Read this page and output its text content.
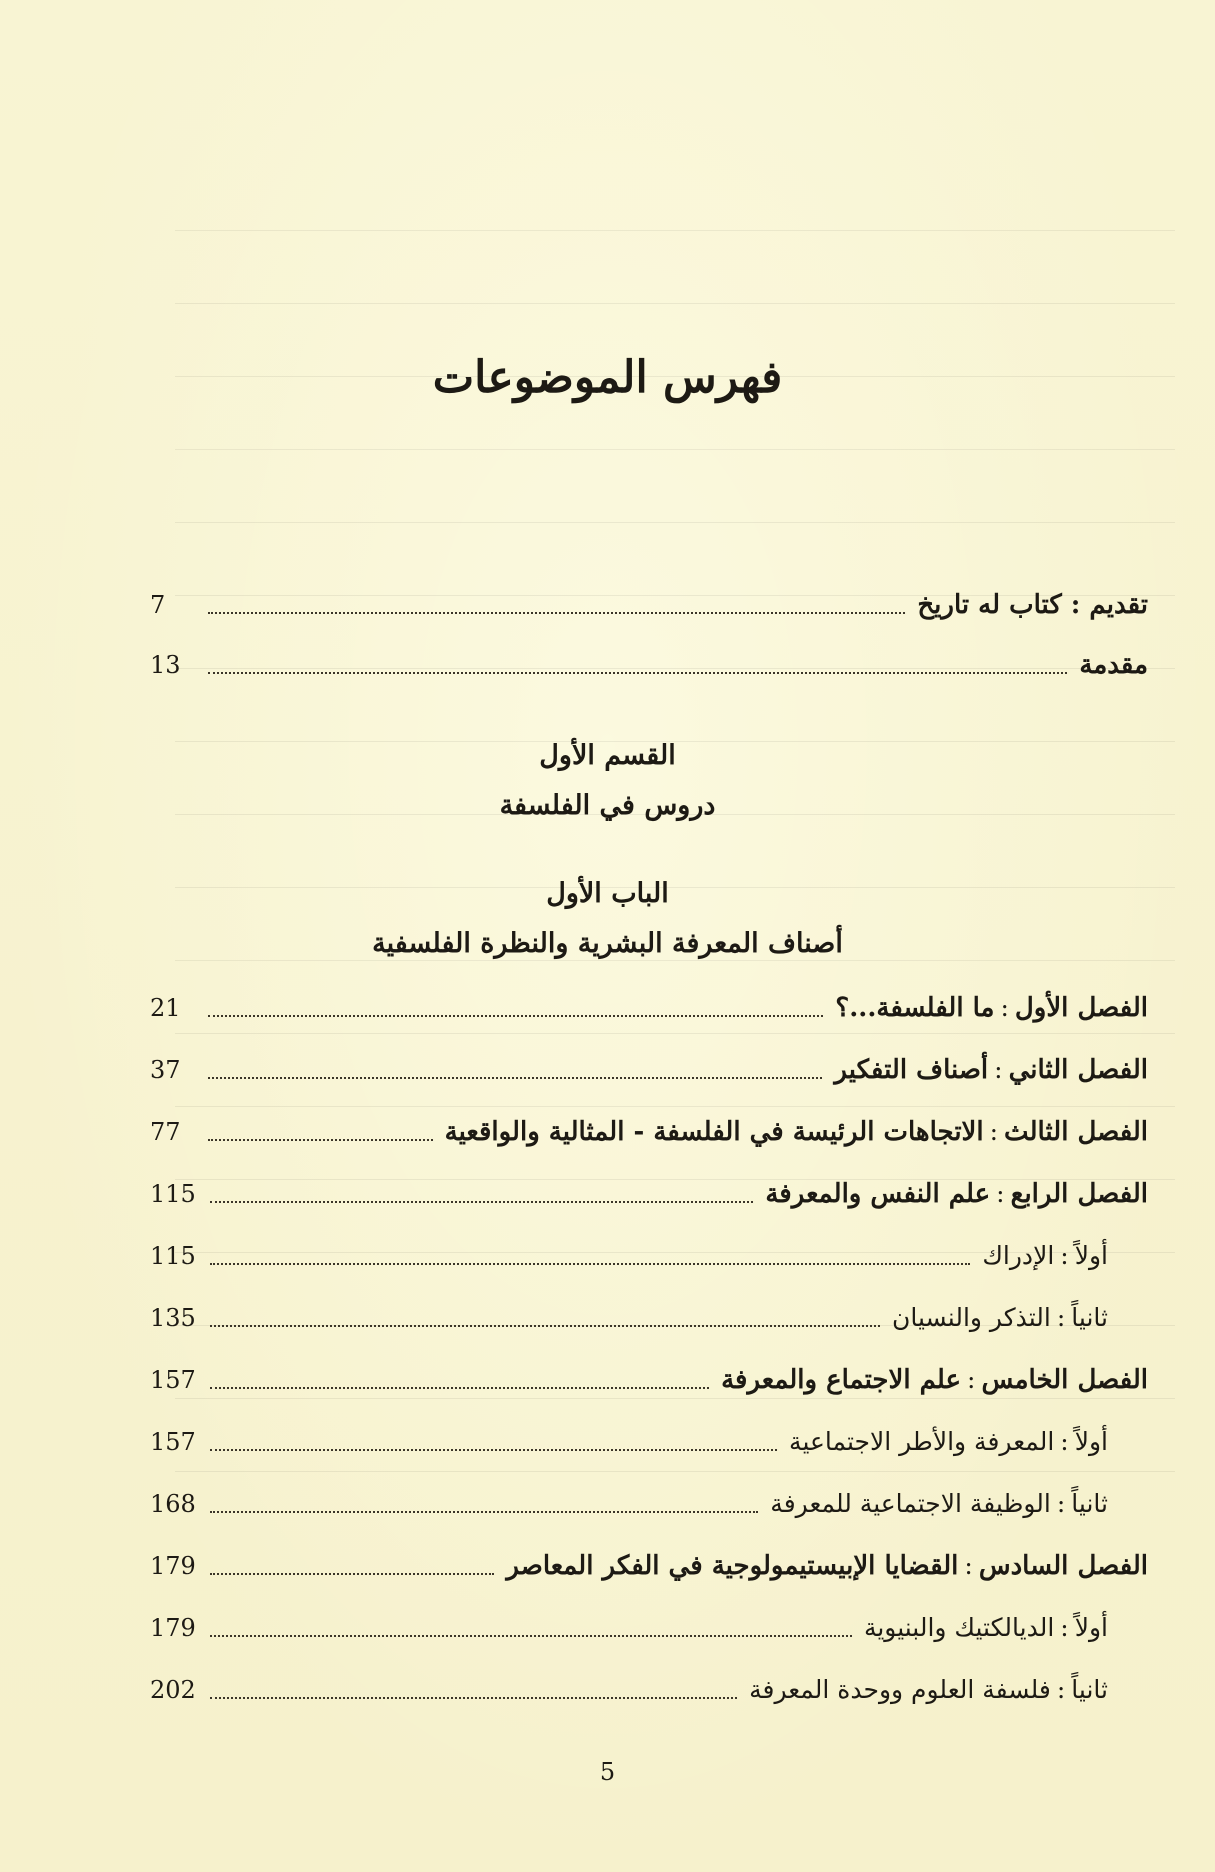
فهرس الموضوعات
تقديم : كتاب له تاريخ
7
مقدمة
13
القسم الأول
دروس في الفلسفة
الباب الأول
أصناف المعرفة البشرية والنظرة الفلسفية
الفصل الأول
:
ما الفلسفة...؟
21
الفصل الثاني
:
أصناف التفكير
37
الفصل الثالث
:
الاتجاهات الرئيسة في الفلسفة - المثالية والواقعية
77
الفصل الرابع
:
علم النفس والمعرفة
115
أولاً
:
الإدراك
115
ثانياً
:
التذكر والنسيان
135
الفصل الخامس
:
علم الاجتماع والمعرفة
157
أولاً
:
المعرفة والأطر الاجتماعية
157
ثانياً
:
الوظيفة الاجتماعية للمعرفة
168
الفصل السادس
:
القضايا الإبيستيمولوجية في الفكر المعاصر
179
أولاً
:
الديالكتيك والبنيوية
179
ثانياً
:
فلسفة العلوم ووحدة المعرفة
202
5
